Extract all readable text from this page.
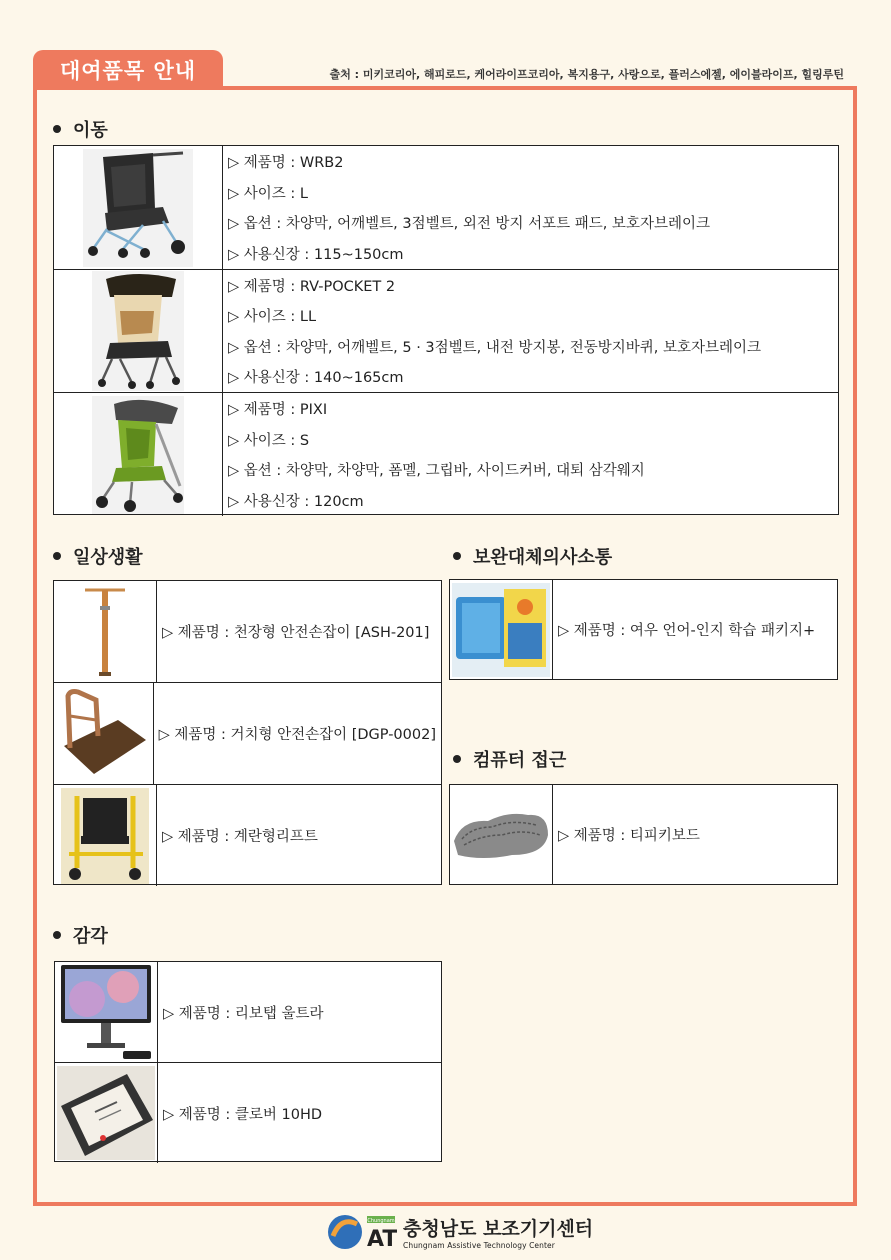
대여품목 안내	출처 : 미키코리아, 해피로드, 케어라이프코리아, 복지용구, 사랑으로, 플러스에젤, 에이블라이프, 힐링루틴
이동
▷ 제품명 : WRB2
▷ 사이즈 : L
▷ 옵션 : 차양막, 어깨벨트, 3점벨트, 외전 방지 서포트 패드, 보호자브레이크
▷ 사용신장 : 115~150cm
▷ 제품명 : RV-POCKET 2
▷ 사이즈 : LL
▷ 옵션 : 차양막, 어깨벨트, 5 · 3점벨트, 내전 방지봉, 전동방지바퀴, 보호자브레이크
▷ 사용신장 : 140~165cm
▷ 제품명 : PIXI
▷ 사이즈 : S
▷ 옵션 : 차양막, 차양막, 폼멜, 그립바, 사이드커버, 대퇴 삼각웨지
▷ 사용신장 : 120cm
일상생활
▷ 제품명 : 천장형 안전손잡이 [ASH-201]
▷ 제품명 : 거치형 안전손잡이 [DGP-0002]
▷ 제품명 : 계란형리프트
보완대체의사소통
▷ 제품명 : 여우 언어-인지 학습 패키지+
컴퓨터 접근
▷ 제품명 : 티피키보드
감각
▷ 제품명 : 리보탭 울트라
▷ 제품명 : 클로버 10HD
AT
Chungnam 충청남도 보조기기센터
Chungnam Assistive Technology Center
